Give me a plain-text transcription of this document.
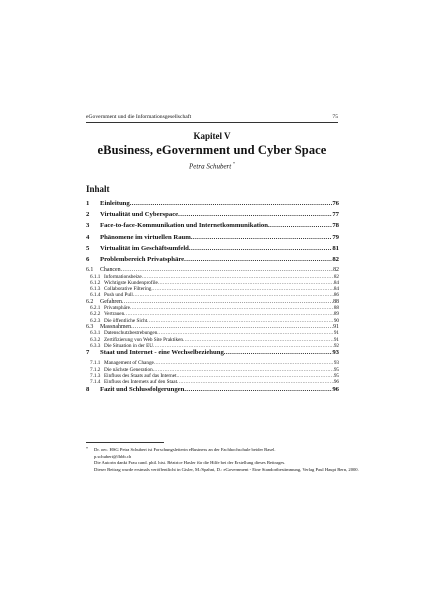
eGovernment und die Informationsgesellschaft	75
Kapitel V
eBusiness, eGovernment und Cyber Space
Petra Schubert *
Inhalt
1	Einleitung .....	76
2	Virtualität und Cyberspace .....	77
3	Face-to-face-Kommunikation und Internetkommunikation .....	78
4	Phänomene im virtuellen Raum .....	79
5	Virtualität im Geschäftsumfeld .....	81
6	Problembereich Privatsphäre .....	82
6.1	Chancen .....	82
6.1.1 Informationsbeize .....	82
6.1.2 Wichtigste Kundenprofile .....	84
6.1.3 Collaborative Filtering .....	84
6.1.4 Push und Pull .....	86
6.2	Gefahren .....	88
6.2.1 Privatsphäre .....	88
6.2.2 Vertrauen .....	89
6.2.3 Die öffentliche Sicht .....	90
6.3	Massnahmen .....	91
6.3.1 Datenschutzbestrebungen .....	91
6.3.2 Zertifizierung von Web Site Praktiken .....	91
6.3.3 Die Situation in der EU .....	92
7	Staat und Internet - eine Wechselbeziehung .....	93
7.1.1 Management of Change .....	93
7.1.2 Die nächste Generation .....	95
7.1.3 Einfluss des Staats auf das Internet .....	95
7.1.4 Einfluss des Internets auf den Staat .....	96
8	Fazit und Schlussfolgerungen .....	96
* Dr. oec. HSG Petra Schubert ist Forschungsleiterin eBusiness an der Fachhochschule beider Basel.
p.schubert@fhbb.ch
Die Autorin dankt Frau cand. phil. hist. Béatrice Hasler für die Hilfe bei der Erstellung dieses Beitrages.
Dieser Beitrag wurde erstmals veröffentlicht in Gisler, M./Spahni, D.: eGovernment - Eine Standortbestimmung, Verlag Paul Haupt Bern, 2000.
